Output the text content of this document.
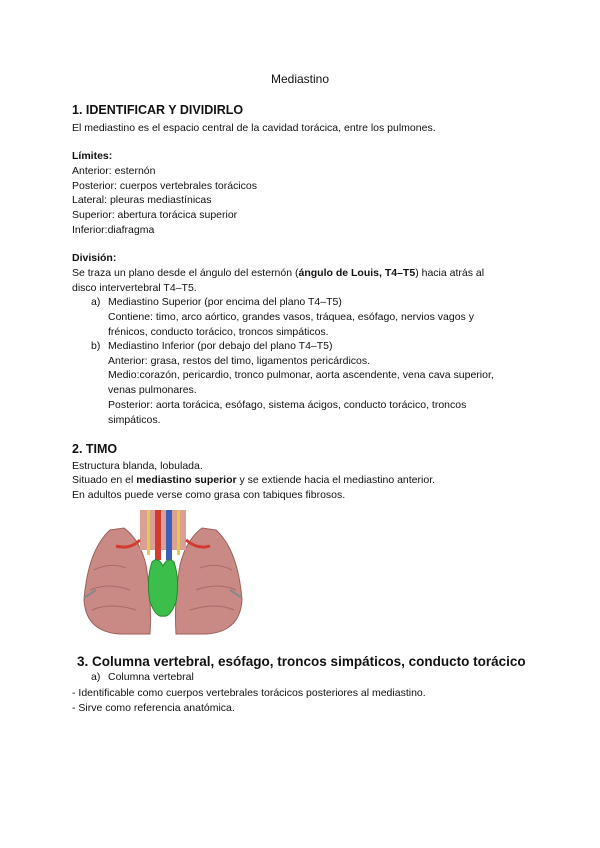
Mediastino
1. IDENTIFICAR Y DIVIDIRLO
El mediastino es el espacio central de la cavidad torácica, entre los pulmones.
Límites:
Anterior: esternón
Posterior: cuerpos vertebrales torácicos
Lateral: pleuras mediastínicas
Superior: abertura torácica superior
Inferior:diafragma
División:
Se traza un plano desde el ángulo del esternón (ángulo de Louis, T4–T5) hacia atrás al
disco intervertebral T4–T5.
a) Mediastino Superior (por encima del plano T4–T5)
Contiene: timo, arco aórtico, grandes vasos, tráquea, esófago, nervios vagos y
frénicos, conducto torácico, troncos simpáticos.
b) Mediastino Inferior (por debajo del plano T4–T5)
Anterior: grasa, restos del timo, ligamentos pericárdicos.
Medio:corazón, pericardio, tronco pulmonar, aorta ascendente, vena cava superior,
venas pulmonares.
Posterior: aorta torácica, esófago, sistema ácigos, conducto torácico, troncos
simpáticos.
2. TIMO
Estructura blanda, lobulada.
Situado en el mediastino superior y se extiende hacia el mediastino anterior.
En adultos puede verse como grasa con tabiques fibrosos.
3. Columna vertebral, esófago, troncos simpáticos, conducto torácico
a) Columna vertebral
- Identificable como cuerpos vertebrales torácicos posteriores al mediastino.
- Sirve como referencia anatómica.
